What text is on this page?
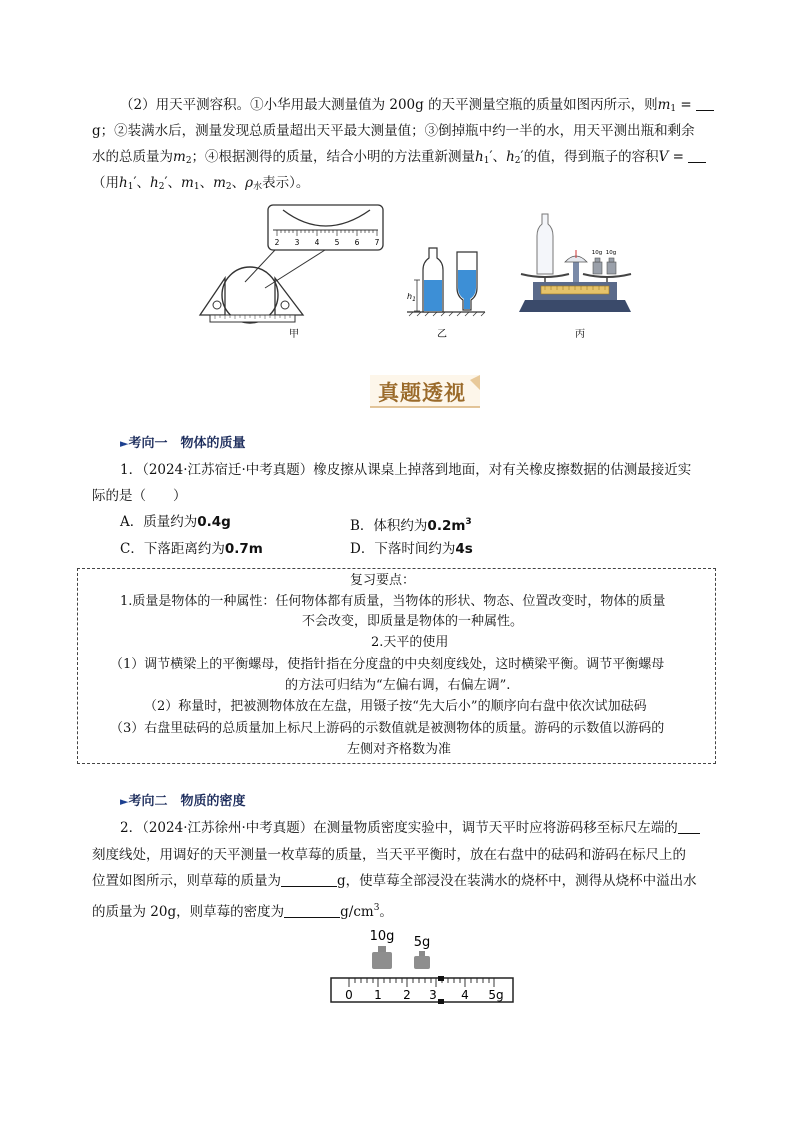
（2）用天平测容积。①小华用最大测量值为 200g 的天平测量空瓶的质量如图丙所示，则$m_1$ =
g；②装满水后，测量发现总质量超出天平最大测量值；③倒掉瓶中约一半的水，用天平测出瓶和剩余
水的总质量为$m_2$；④根据测得的质量，结合小明的方法重新测量$h_1'$、$h_2'$的值，得到瓶子的容积V =
（用$h_1'$、$h_2'$、$m_1$、$m_2$、$\rho_水$表示）。
2 3 4 5 6 7
甲
$h_1$
乙
10g 10g
丙
真题透视
►考向一　物体的质量
1．（2024·江苏宿迁·中考真题）橡皮擦从课桌上掉落到地面，对有关橡皮擦数据的估测最接近实
际的是（　　）
A．质量约为0.4g	B．体积约为$0.2m^3$
C．下落距离约为0.7m	D．下落时间约为4s
复习要点：
1.质量是物体的一种属性：任何物体都有质量，当物体的形状、物态、位置改变时，物体的质量
不会改变，即质量是物体的一种属性。
2.天平的使用
（1）调节横梁上的平衡螺母，使指针指在分度盘的中央刻度线处，这时横梁平衡。调节平衡螺母
的方法可归结为“左偏右调，右偏左调”.
（2）称量时，把被测物体放在左盘，用镊子按“先大后小”的顺序向右盘中依次试加砝码
（3）右盘里砝码的总质量加上标尺上游码的示数值就是被测物体的质量。游码的示数值以游码的
左侧对齐格数为准
►考向二　物质的密度
2．（2024·江苏徐州·中考真题）在测量物质密度实验中，调节天平时应将游码移至标尺左端的
刻度线处，用调好的天平测量一枚草莓的质量，当天平平衡时，放在右盘中的砝码和游码在标尺上的
位置如图所示，则草莓的质量为	g，使草莓全部浸没在装满水的烧杯中，测得从烧杯中溢出水
的质量为 20g，则草莓的密度为	$g/cm^3$。
10g 5g
0 1 2 3 4 5g
